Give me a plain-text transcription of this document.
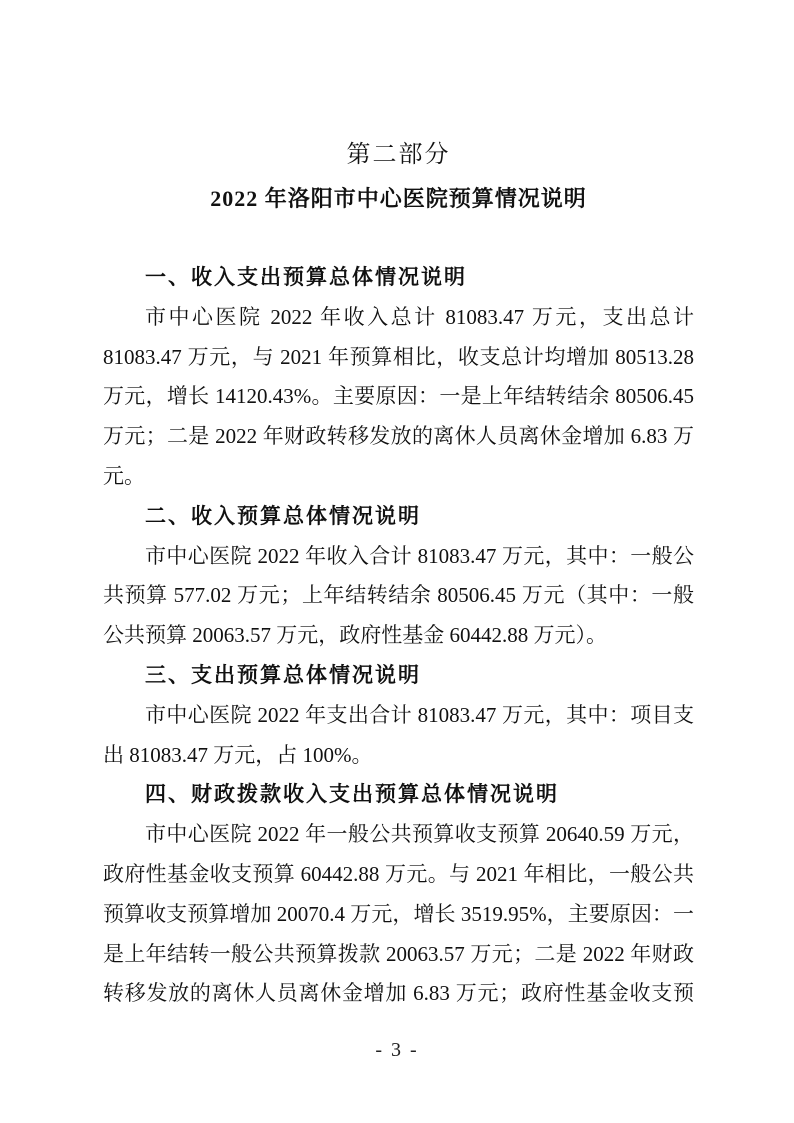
第二部分
2022 年洛阳市中心医院预算情况说明
一、收入支出预算总体情况说明
市中心医院 2022 年收入总计 81083.47 万元，支出总计
81083.47 万元，与 2021 年预算相比，收支总计均增加 80513.28
万元，增长 14120.43%。主要原因：一是上年结转结余 80506.45
万元；二是 2022 年财政转移发放的离休人员离休金增加 6.83 万
元。
二、收入预算总体情况说明
市中心医院 2022 年收入合计 81083.47 万元，其中：一般公
共预算 577.02 万元；上年结转结余 80506.45 万元（其中：一般
公共预算 20063.57 万元，政府性基金 60442.88 万元）。
三、支出预算总体情况说明
市中心医院 2022 年支出合计 81083.47 万元，其中：项目支
出 81083.47 万元，占 100%。
四、财政拨款收入支出预算总体情况说明
市中心医院 2022 年一般公共预算收支预算 20640.59 万元，
政府性基金收支预算 60442.88 万元。与 2021 年相比，一般公共
预算收支预算增加 20070.4 万元，增长 3519.95%，主要原因：一
是上年结转一般公共预算拨款 20063.57 万元；二是 2022 年财政
转移发放的离休人员离休金增加 6.83 万元；政府性基金收支预
- 3 -
